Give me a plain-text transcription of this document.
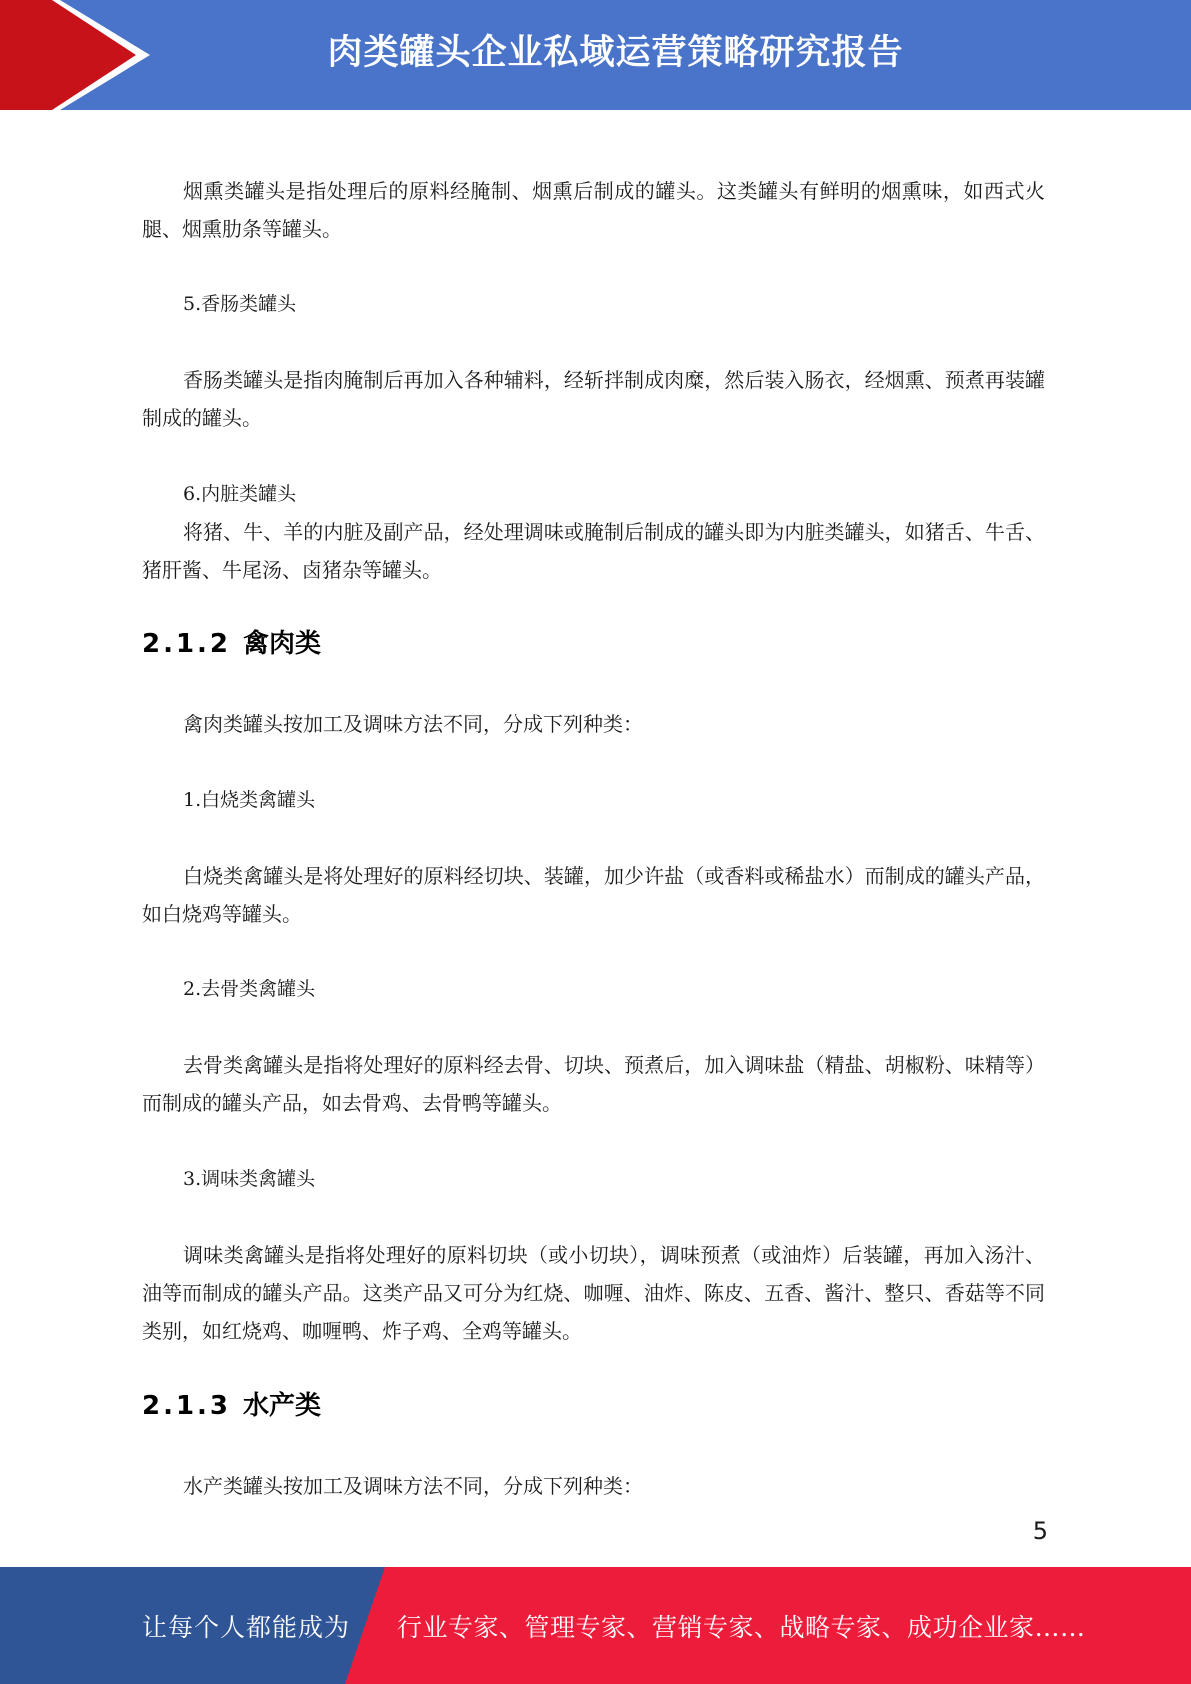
肉类罐头企业私域运营策略研究报告

烟熏类罐头是指处理后的原料经腌制、烟熏后制成的罐头。这类罐头有鲜明的烟熏味，如西式火腿、烟熏肋条等罐头。

5.香肠类罐头

香肠类罐头是指肉腌制后再加入各种辅料，经斩拌制成肉糜，然后装入肠衣，经烟熏、预煮再装罐制成的罐头。

6.内脏类罐头

将猪、牛、羊的内脏及副产品，经处理调味或腌制后制成的罐头即为内脏类罐头，如猪舌、牛舌、猪肝酱、牛尾汤、卤猪杂等罐头。

2.1.2 禽肉类

禽肉类罐头按加工及调味方法不同，分成下列种类：

1.白烧类禽罐头

白烧类禽罐头是将处理好的原料经切块、装罐，加少许盐（或香料或稀盐水）而制成的罐头产品，如白烧鸡等罐头。

2.去骨类禽罐头

去骨类禽罐头是指将处理好的原料经去骨、切块、预煮后，加入调味盐（精盐、胡椒粉、味精等）而制成的罐头产品，如去骨鸡、去骨鸭等罐头。

3.调味类禽罐头

调味类禽罐头是指将处理好的原料切块（或小切块），调味预煮（或油炸）后装罐，再加入汤汁、油等而制成的罐头产品。这类产品又可分为红烧、咖喱、油炸、陈皮、五香、酱汁、整只、香菇等不同类别，如红烧鸡、咖喱鸭、炸子鸡、全鸡等罐头。

2.1.3 水产类

水产类罐头按加工及调味方法不同，分成下列种类：

5
让每个人都能成为 行业专家、管理专家、营销专家、战略专家、成功企业家……
